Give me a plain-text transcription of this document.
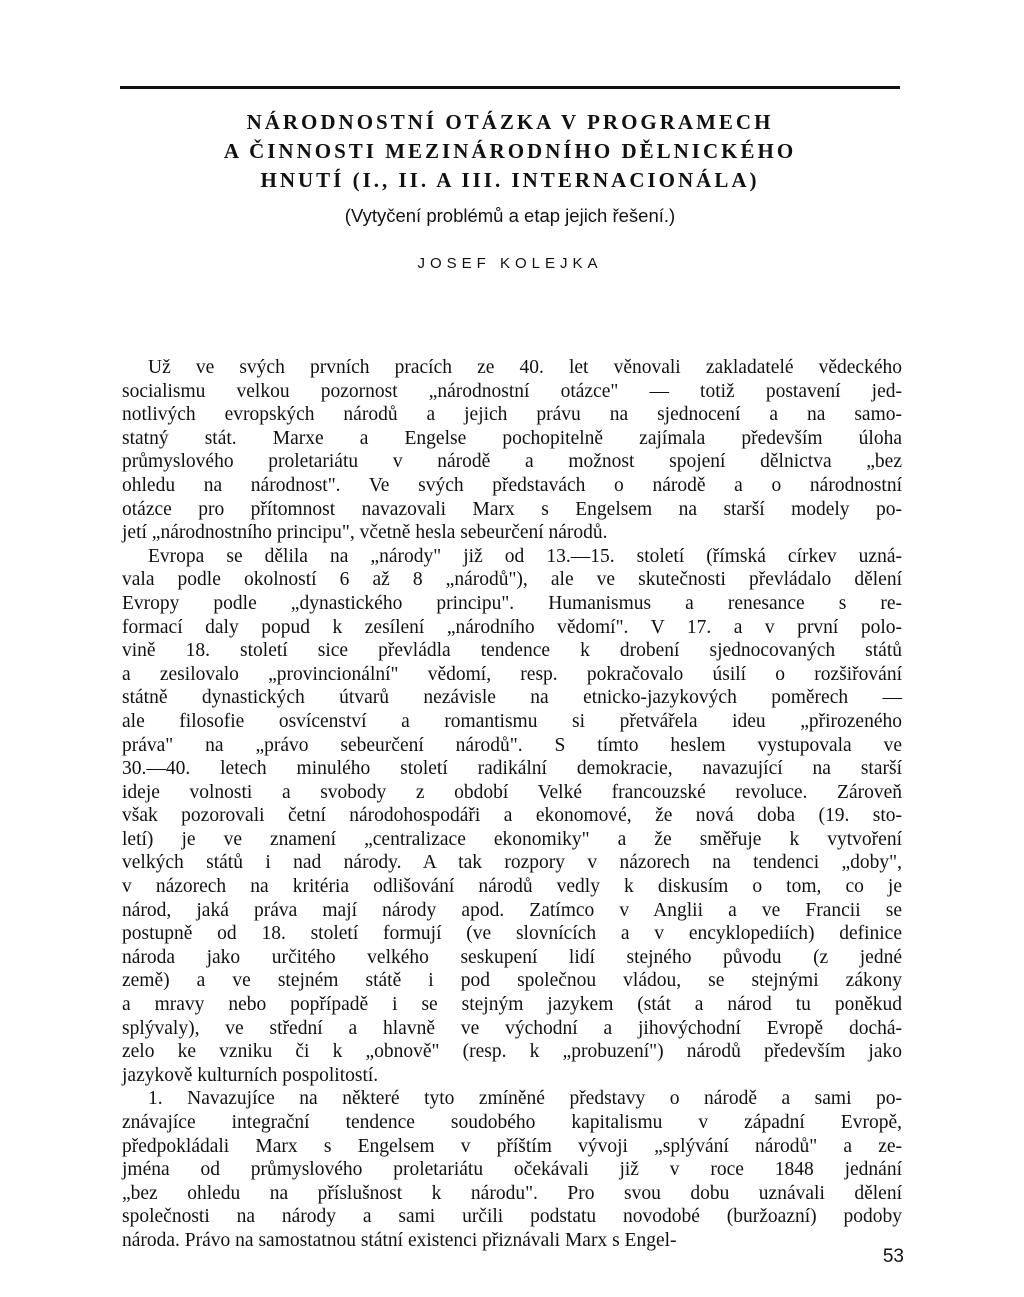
NÁRODNOSTNÍ OTÁZKA V PROGRAMECH
A ČINNOSTI MEZINÁRODNÍHO DĚLNICKÉHO
HNUTÍ (I., II. A III. INTERNACIONÁLA)
(Vytyčení problémů a etap jejich řešení.)
JOSEF KOLEJKA
Už ve svých prvních pracích ze 40. let věnovali zakladatelé vědeckého
socialismu velkou pozornost „národnostní otázce" — totiž postavení jed-
notlivých evropských národů a jejich právu na sjednocení a na samo-
statný stát. Marxe a Engelse pochopitelně zajímala především úloha
průmyslového proletariátu v národě a možnost spojení dělnictva „bez
ohledu na národnost". Ve svých představách o národě a o národnostní
otázce pro přítomnost navazovali Marx s Engelsem na starší modely po-
jetí „národnostního principu", včetně hesla sebeurčení národů.
Evropa se dělila na „národy" již od 13.—15. století (římská církev uzná-
vala podle okolností 6 až 8 „národů"), ale ve skutečnosti převládalo dělení
Evropy podle „dynastického principu". Humanismus a renesance s re-
formací daly popud k zesílení „národního vědomí". V 17. a v první polo-
vině 18. století sice převládla tendence k drobení sjednocovaných států
a zesilovalo „provincionální" vědomí, resp. pokračovalo úsilí o rozšiřování
státně dynastických útvarů nezávisle na etnicko-jazykových poměrech —
ale filosofie osvícenství a romantismu si přetvářela ideu „přirozeného
práva" na „právo sebeurčení národů". S tímto heslem vystupovala ve
30.—40. letech minulého století radikální demokracie, navazující na starší
ideje volnosti a svobody z období Velké francouzské revoluce. Zároveň
však pozorovali četní národohospodáři a ekonomové, že nová doba (19. sto-
letí) je ve znamení „centralizace ekonomiky" a že směřuje k vytvoření
velkých států i nad národy. A tak rozpory v názorech na tendenci „doby",
v názorech na kritéria odlišování národů vedly k diskusím o tom, co je
národ, jaká práva mají národy apod. Zatímco v Anglii a ve Francii se
postupně od 18. století formují (ve slovnících a v encyklopediích) definice
národa jako určitého velkého seskupení lidí stejného původu (z jedné
země) a ve stejném státě i pod společnou vládou, se stejnými zákony
a mravy nebo popřípadě i se stejným jazykem (stát a národ tu poněkud
splývaly), ve střední a hlavně ve východní a jihovýchodní Evropě dochá-
zelo ke vzniku či k „obnově" (resp. k „probuzení") národů především jako
jazykově kulturních pospolitostí.
1. Navazujíce na některé tyto zmíněné představy o národě a sami po-
znávajíce integrační tendence soudobého kapitalismu v západní Evropě,
předpokládali Marx s Engelsem v příštím vývoji „splývání národů" a ze-
jména od průmyslového proletariátu očekávali již v roce 1848 jednání
„bez ohledu na příslušnost k národu". Pro svou dobu uznávali dělení
společnosti na národy a sami určili podstatu novodobé (buržoazní) podoby
národa. Právo na samostatnou státní existenci přiznávali Marx s Engel-
53
